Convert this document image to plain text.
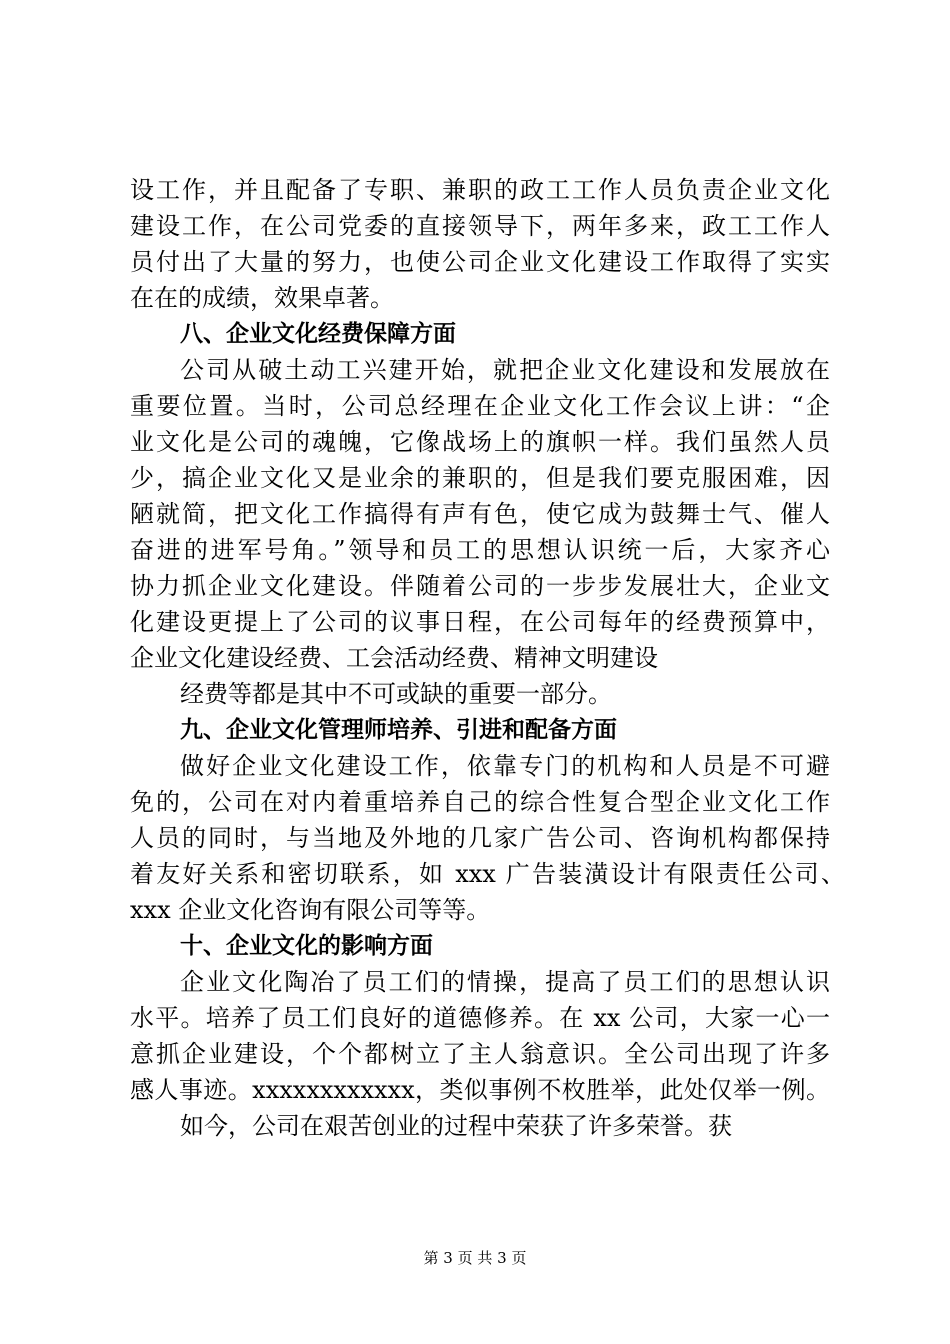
设工作，并且配备了专职、兼职的政工工作人员负责企业文化
建设工作，在公司党委的直接领导下，两年多来，政工工作人
员付出了大量的努力，也使公司企业文化建设工作取得了实实
在在的成绩，效果卓著。
八、企业文化经费保障方面
公司从破土动工兴建开始，就把企业文化建设和发展放在
重要位置。当时，公司总经理在企业文化工作会议上讲：“企
业文化是公司的魂魄，它像战场上的旗帜一样。我们虽然人员
少，搞企业文化又是业余的兼职的，但是我们要克服困难，因
陋就简，把文化工作搞得有声有色，使它成为鼓舞士气、催人
奋进的进军号角。”领导和员工的思想认识统一后，大家齐心
协力抓企业文化建设。伴随着公司的一步步发展壮大，企业文
化建设更提上了公司的议事日程，在公司每年的经费预算中，
企业文化建设经费、工会活动经费、精神文明建设
经费等都是其中不可或缺的重要一部分。
九、企业文化管理师培养、引进和配备方面
做好企业文化建设工作，依靠专门的机构和人员是不可避
免的，公司在对内着重培养自己的综合性复合型企业文化工作
人员的同时，与当地及外地的几家广告公司、咨询机构都保持
着友好关系和密切联系，如 xxx 广告装潢设计有限责任公司、
xxx 企业文化咨询有限公司等等。
十、企业文化的影响方面
企业文化陶冶了员工们的情操，提高了员工们的思想认识
水平。培养了员工们良好的道德修养。在 xx 公司，大家一心一
意抓企业建设，个个都树立了主人翁意识。全公司出现了许多
感人事迹。xxxxxxxxxxxx，类似事例不枚胜举，此处仅举一例。
如今，公司在艰苦创业的过程中荣获了许多荣誉。获
第 3 页 共 3 页
